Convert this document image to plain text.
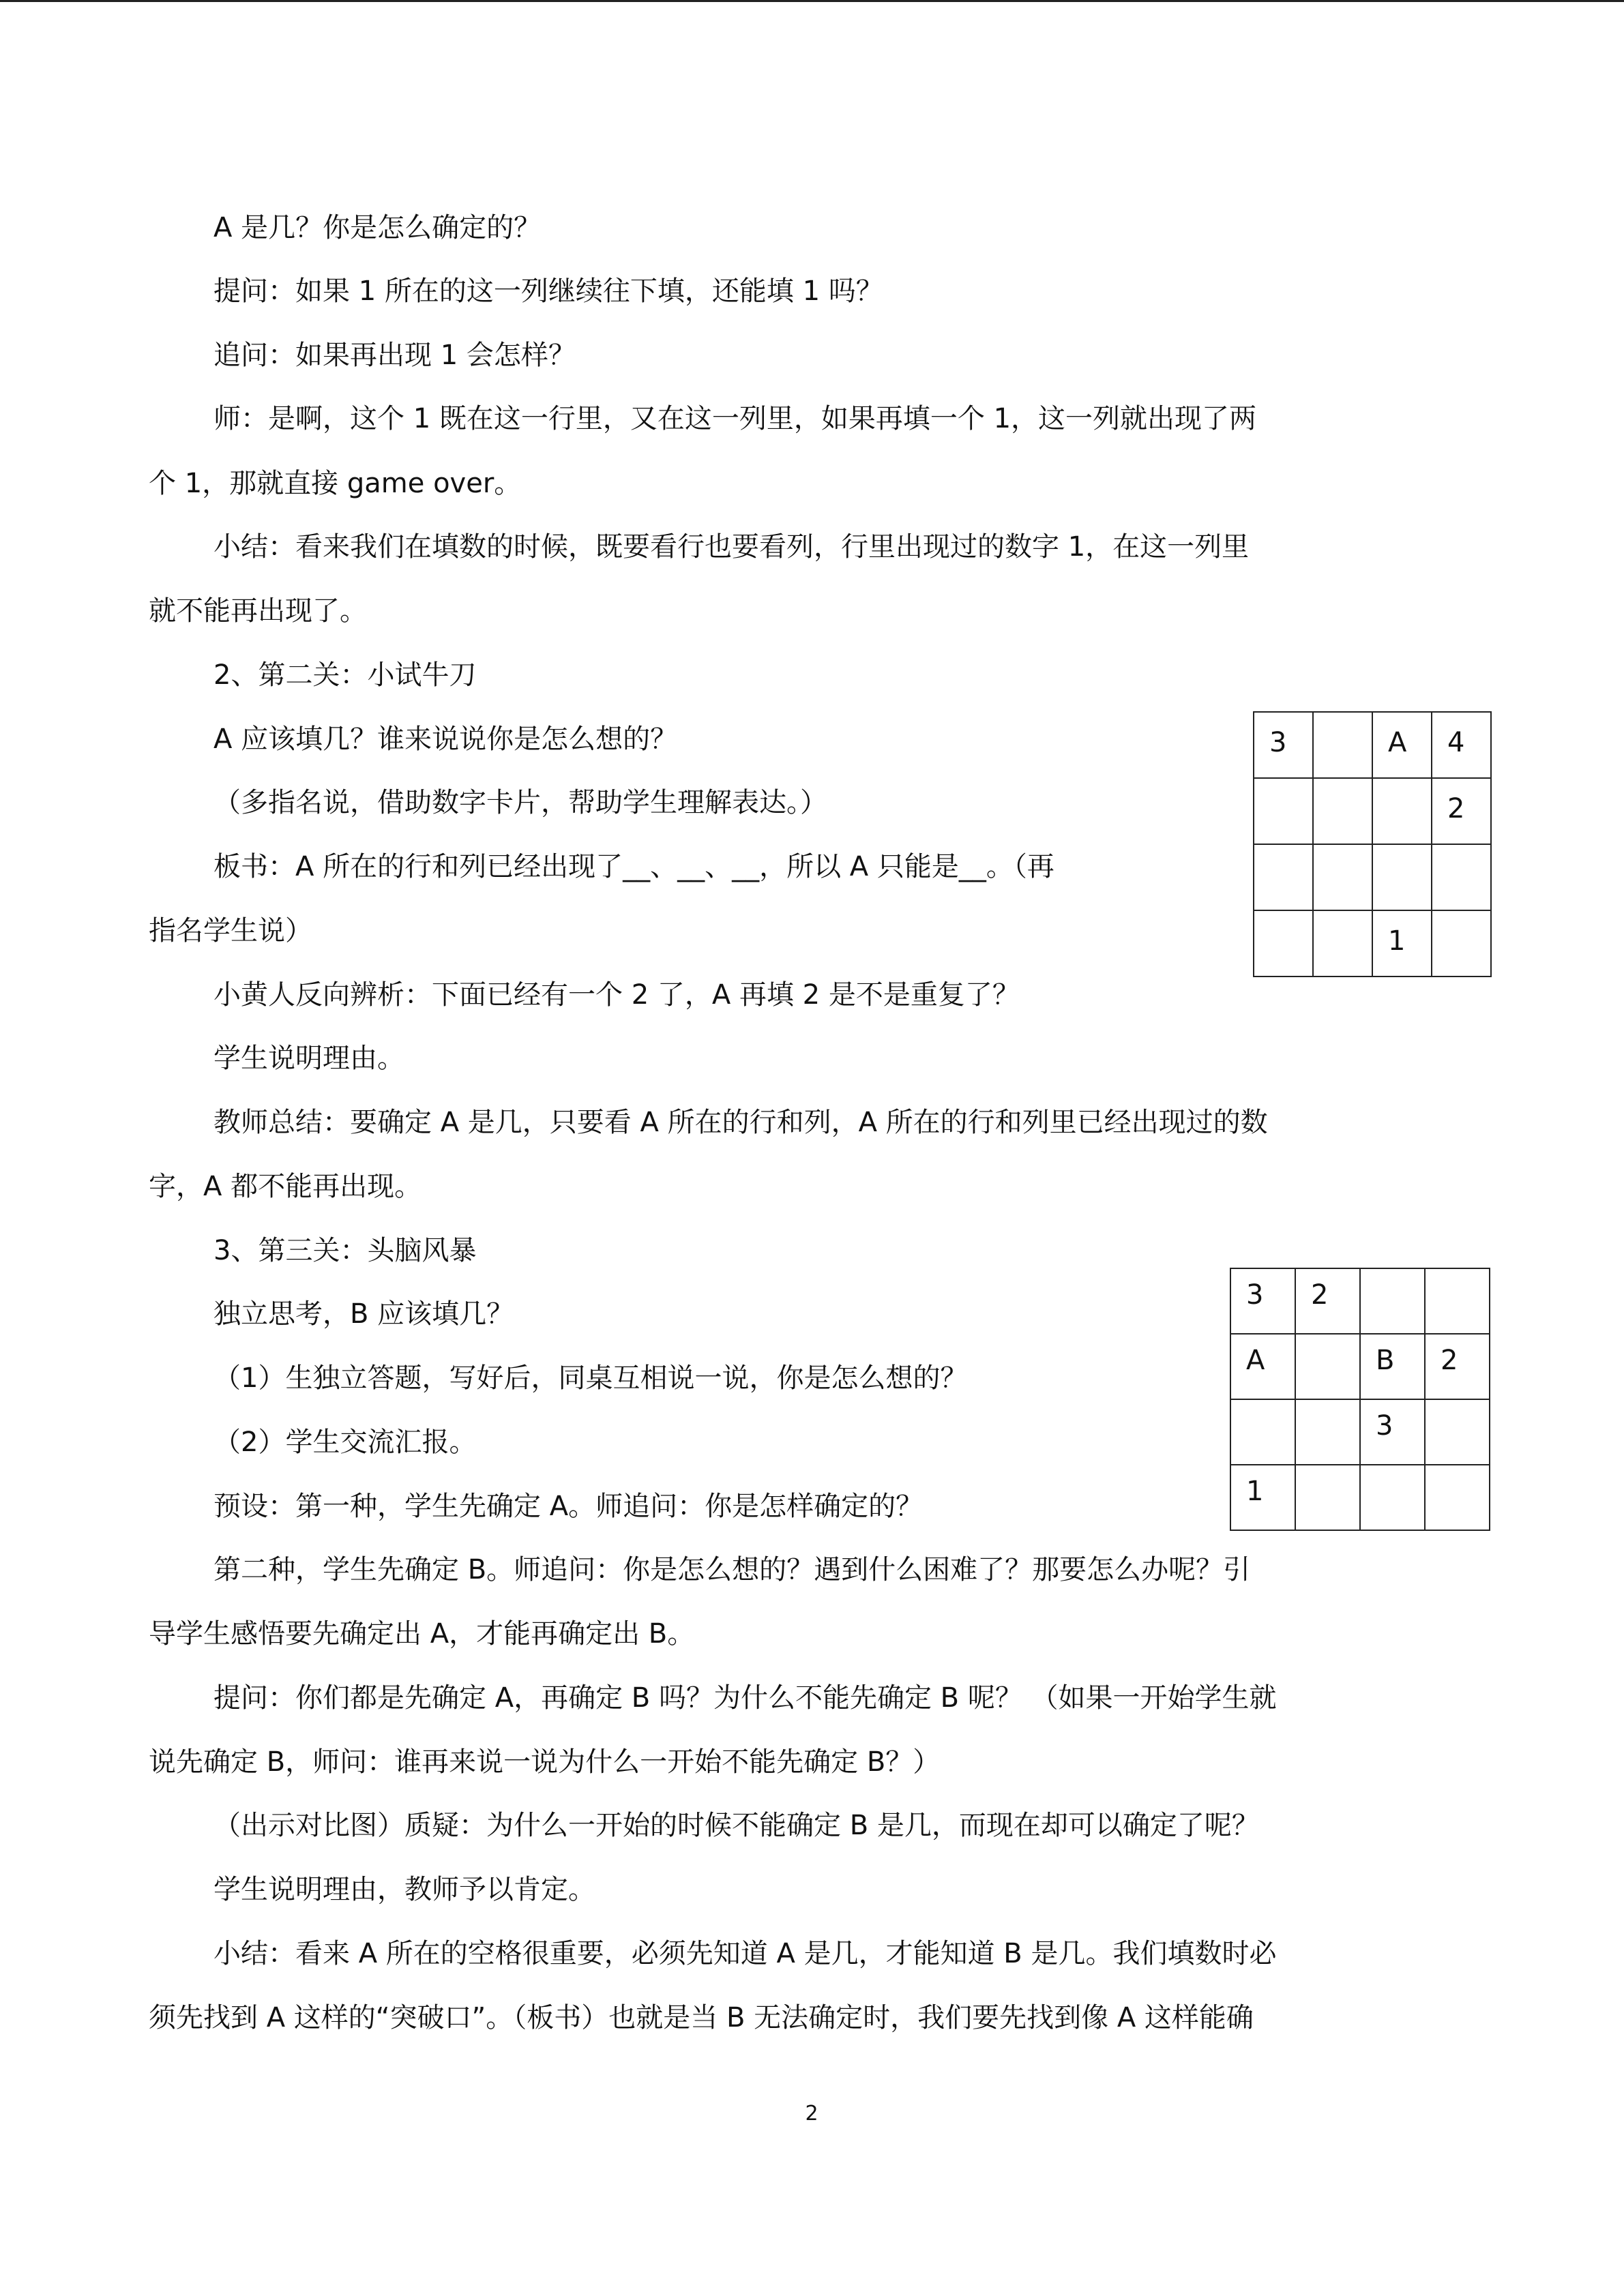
A 是几？你是怎么确定的？
提问：如果 1 所在的这一列继续往下填，还能填 1 吗？
追问：如果再出现 1 会怎样？
师：是啊，这个 1 既在这一行里，又在这一列里，如果再填一个 1，这一列就出现了两
个 1，那就直接 game over。
小结：看来我们在填数的时候，既要看行也要看列，行里出现过的数字 1，在这一列里
就不能再出现了。
2、第二关：小试牛刀
A 应该填几？谁来说说你是怎么想的？
（多指名说，借助数字卡片，帮助学生理解表达。）
板书：A 所在的行和列已经出现了__、__、__，所以 A 只能是__。（再
指名学生说）
小黄人反向辨析：下面已经有一个 2 了，A 再填 2 是不是重复了？
学生说明理由。
教师总结：要确定 A 是几，只要看 A 所在的行和列，A 所在的行和列里已经出现过的数
字，A 都不能再出现。
3、第三关：头脑风暴
独立思考，B 应该填几？
（1）生独立答题，写好后，同桌互相说一说，你是怎么想的？
（2）学生交流汇报。
预设：第一种，学生先确定 A。师追问：你是怎样确定的？
第二种，学生先确定 B。师追问：你是怎么想的？遇到什么困难了？那要怎么办呢？引
导学生感悟要先确定出 A，才能再确定出 B。
提问：你们都是先确定 A，再确定 B 吗？为什么不能先确定 B 呢？ （如果一开始学生就
说先确定 B，师问：谁再来说一说为什么一开始不能先确定 B？）
（出示对比图）质疑：为什么一开始的时候不能确定 B 是几，而现在却可以确定了呢？
学生说明理由，教师予以肯定。
小结：看来 A 所在的空格很重要，必须先知道 A 是几，才能知道 B 是几。我们填数时必
须先找到 A 这样的“突破口”。（板书）也就是当 B 无法确定时，我们要先找到像 A 这样能确
3		A	4
			2

		1	
3	2		
A		B	2
		3	
1			
2
